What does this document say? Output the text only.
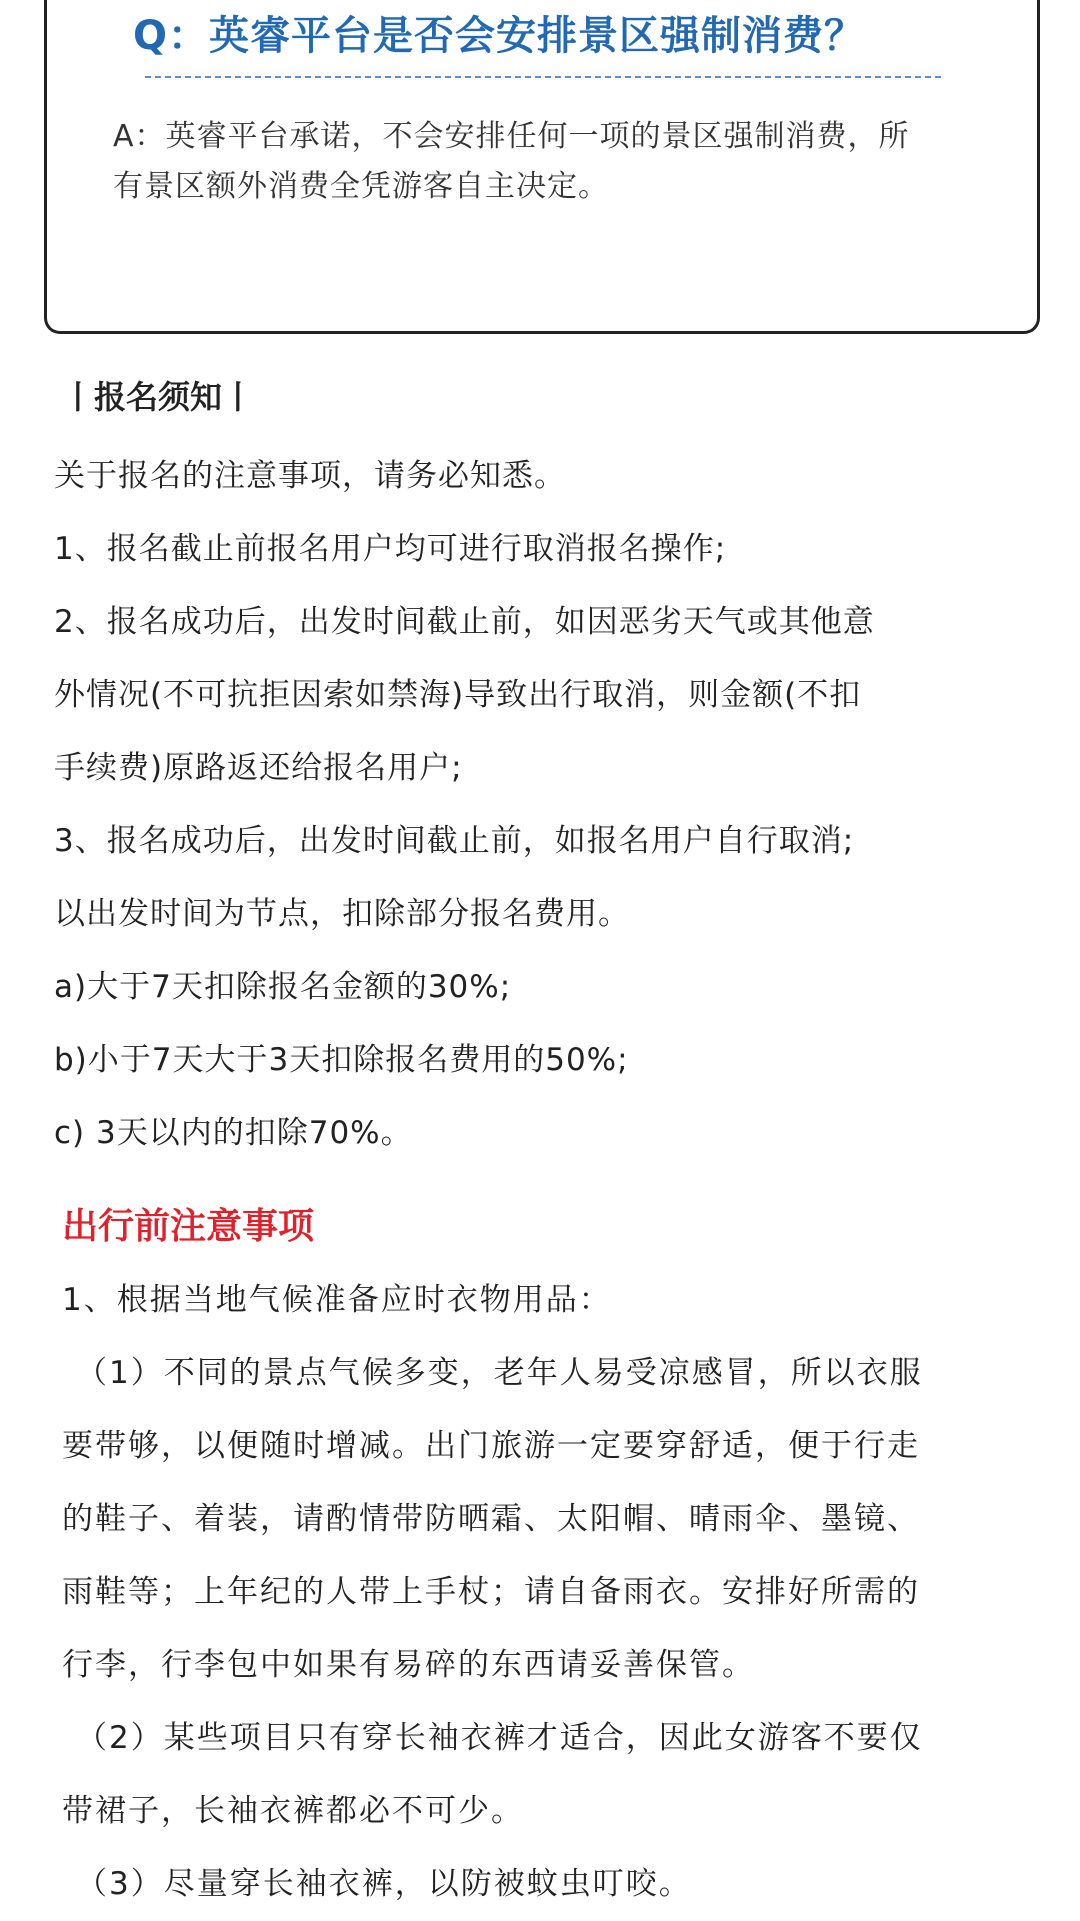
Q：英睿平台是否会安排景区强制消费？
A：英睿平台承诺，不会安排任何一项的景区强制消费，所
有景区额外消费全凭游客自主决定。
丨报名须知丨
关于报名的注意事项，请务必知悉。
1、报名截止前报名用户均可进行取消报名操作;
2、报名成功后，出发时间截止前，如因恶劣天气或其他意
外情况(不可抗拒因索如禁海)导致出行取消，则金额(不扣
手续费)原路返还给报名用户;
3、报名成功后，出发时间截止前，如报名用户自行取消;
以出发时间为节点，扣除部分报名费用。
a)大于7天扣除报名金额的30%;
b)小于7天大于3天扣除报名费用的50%;
c) 3天以内的扣除70%。
出行前注意事项
1、根据当地气候准备应时衣物用品：
（1）不同的景点气候多变，老年人易受凉感冒，所以衣服
要带够，以便随时增减。出门旅游一定要穿舒适，便于行走
的鞋子、着装，请酌情带防晒霜、太阳帽、晴雨伞、墨镜、
雨鞋等；上年纪的人带上手杖；请自备雨衣。安排好所需的
行李，行李包中如果有易碎的东西请妥善保管。
（2）某些项目只有穿长袖衣裤才适合，因此女游客不要仅
带裙子，长袖衣裤都必不可少。
（3）尽量穿长袖衣裤，以防被蚊虫叮咬。
